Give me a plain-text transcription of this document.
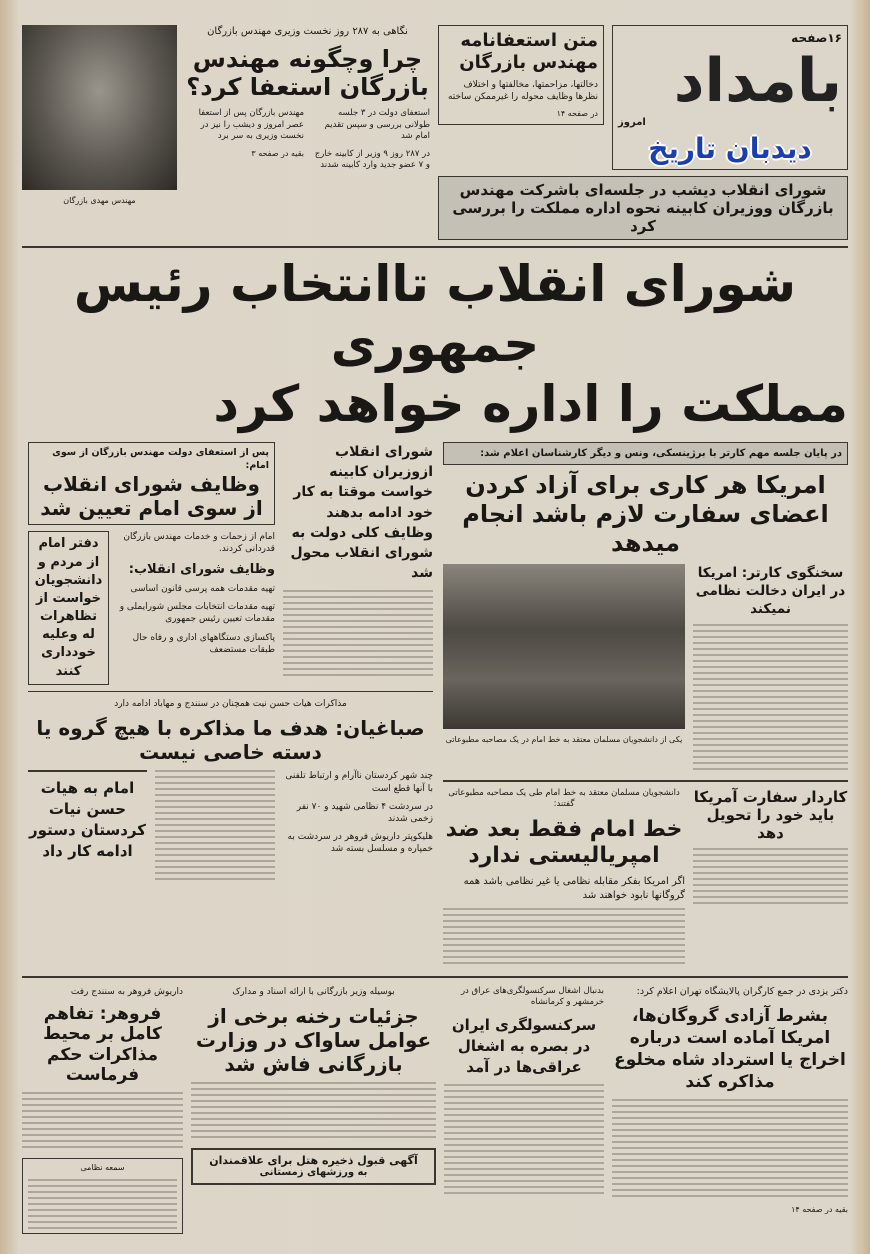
۱۶صفحه
بامداد
امروز
دیدبان تاریخ
متن استعفانامه مهندس بازرگان
دخالتها، مزاحمتها، مخالفتها و اختلاف نظرها وظایف محوله را غیرممکن ساخته
در صفحه ۱۴
شورای انقلاب دیشب در جلسه‌ای باشرکت مهندس بازرگان ووزیران کابینه نحوه اداره مملکت را بررسی کرد
نگاهی به ۲۸۷ روز نخست وزیری مهندس بازرگان
چرا وچگونه مهندس بازرگان استعفا کرد؟
استعفای دولت در ۳ جلسه طولانی بررسی و سپس تقدیم امام شد
در ۲۸۷ روز ۹ وزیر از کابینه خارج و ۷ عضو جدید وارد کابینه شدند
مهندس بازرگان پس از استعفا عصر امروز و دیشب را نیز در نخست وزیری به سر برد
بقیه در صفحه ۳
مهندس مهدی بازرگان
شورای انقلاب تاانتخاب رئیس جمهوری
مملکت را اداره خواهد کرد
در پایان جلسه مهم کارتر با برژینسکی، ونس و دیگر کارشناسان اعلام شد:
امریکا هر کاری برای آزاد کردن اعضای سفارت لازم باشد انجام میدهد
سخنگوی کارتر: امریکا در ایران دخالت نظامی نمیکند
یکی از دانشجویان مسلمان معتقد به خط امام در یک مصاحبه مطبوعاتی
کاردار سفارت آمریکا باید خود را تحویل دهد
دانشجویان مسلمان معتقد به خط امام طی یک مصاحبه مطبوعاتی گفتند:
خط امام فقط بعد ضد امپریالیستی ندارد
اگر امریکا بفکر مقابله نظامی یا غیر نظامی باشد همه گروگانها نابود خواهند شد
شورای انقلاب ازوزیران کابینه خواست موقتا به کار خود ادامه بدهند وظایف کلی دولت به شورای انقلاب محول شد
پس از استعفای دولت مهندس بازرگان از سوی امام:
وظایف شورای انقلاب از سوی امام تعیین شد
امام از زحمات و خدمات مهندس بازرگان قدردانی کردند.
وظایف شورای انقلاب:
تهیه مقدمات همه پرسی قانون اساسی
تهیه مقدمات انتخابات مجلس شورایملی و مقدمات تعیین رئیس جمهوری
پاکسازی دستگاههای اداری و رفاه حال طبقات مستضعف
دفتر امام از مردم و دانشجویان خواست از تظاهرات له وعلیه خودداری کنند
مذاکرات هیات حسن نیت همچنان در سنندج و مهاباد ادامه دارد
صباغیان: هدف ما مذاکره با هیچ گروه یا دسته خاصی نیست
چند شهر کردستان ناآرام و ارتباط تلفنی با آنها قطع است
در سردشت ۴ نظامی شهید و ۷۰ نفر زخمی شدند
هلیکوپتر داریوش فروهر در سردشت به خمپاره و مسلسل بسته شد
امام به هیات حسن نیات کردستان دستور ادامه کار داد
دکتر یزدی در جمع کارگران پالایشگاه تهران اعلام کرد:
بشرط آزادی گروگان‌ها، امریکا آماده است درباره اخراج یا استرداد شاه مخلوع مذاکره کند
بقیه در صفحه ۱۴
بدنبال اشغال سرکنسولگری‌های عراق در خرمشهر و کرمانشاه
سرکنسولگری ایران در بصره به اشغال عراقی‌ها در آمد
بوسیله وزیر بازرگانی با ارائه اسناد و مدارک
جزئیات رخنه برخی از عوامل ساواک در وزارت بازرگانی فاش شد
آگهی قبول ذخیره هتل برای علاقمندان
به ورزشهای زمستانی
داریوش فروهر به سنندج رفت
فروهر: تفاهم کامل بر محیط مذاکرات حکم فرماست
سمعه نظامی
